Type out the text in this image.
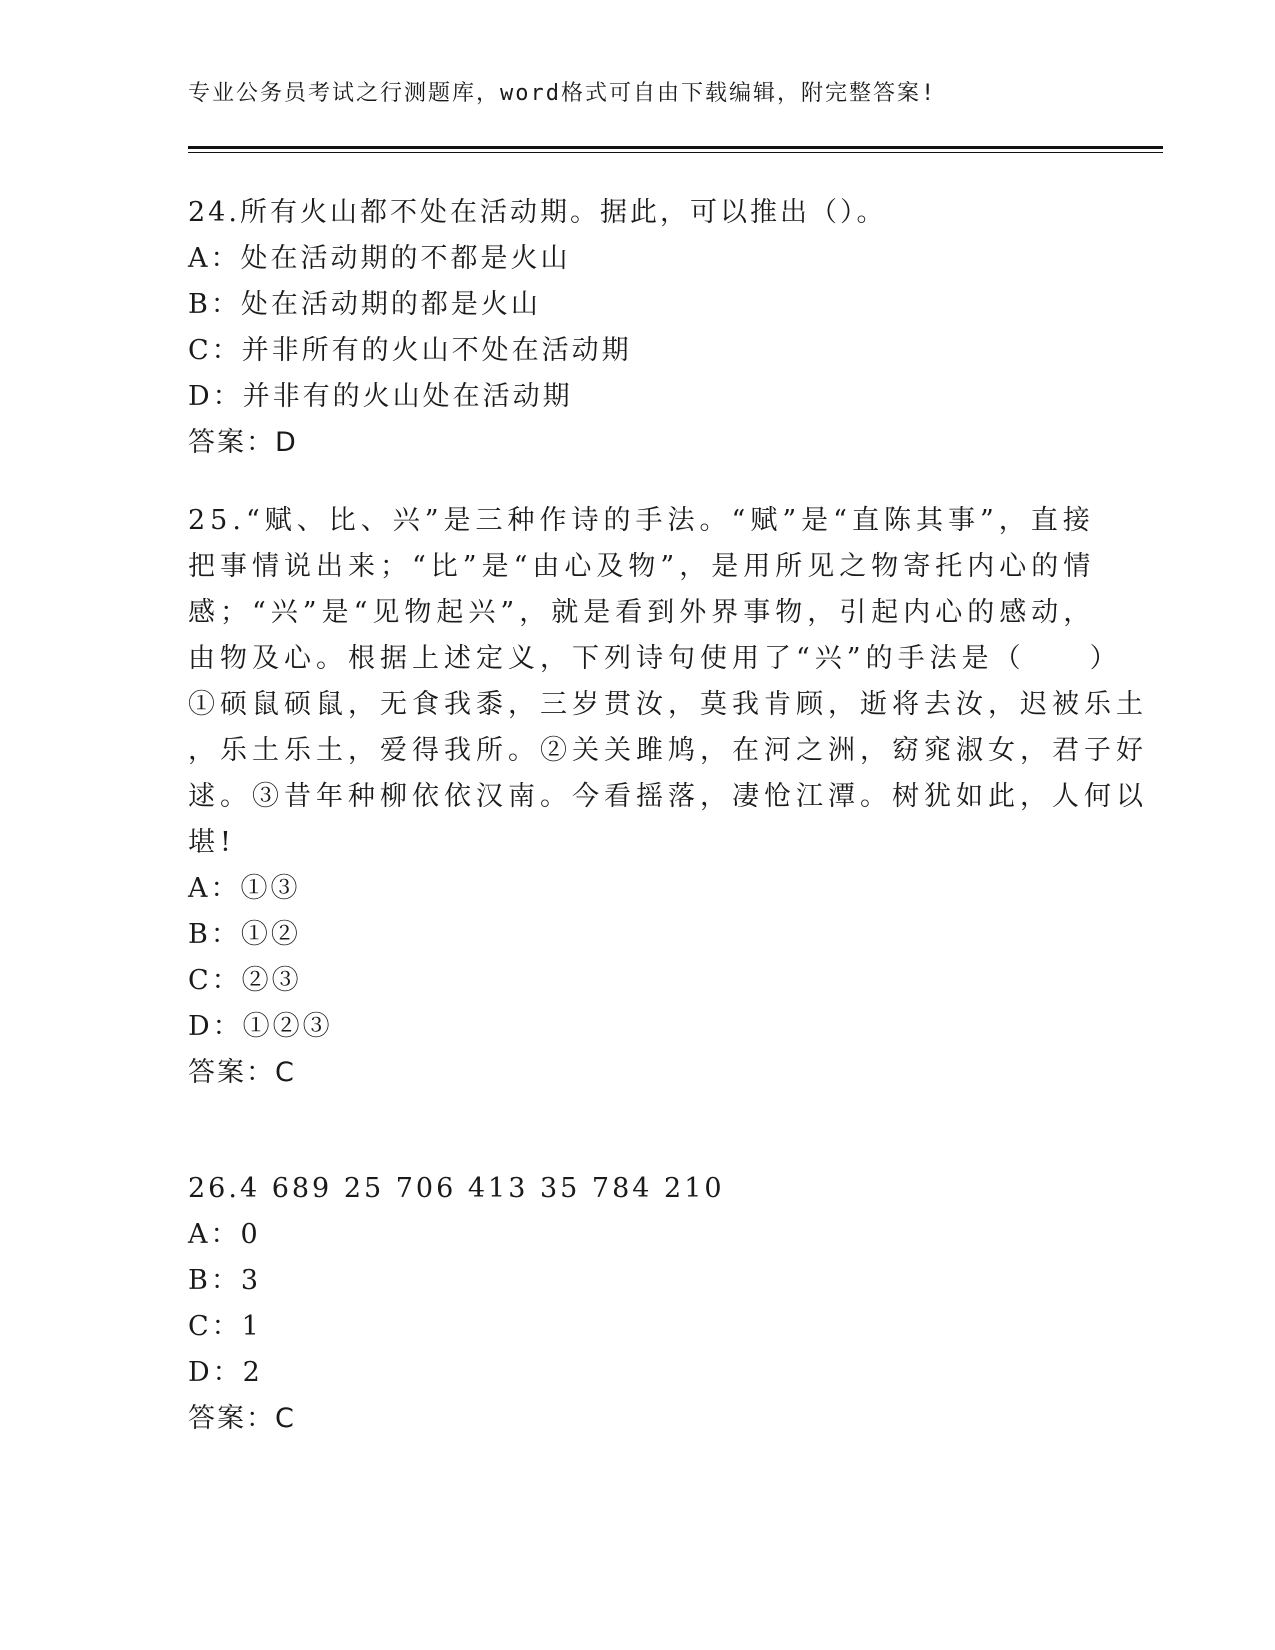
专业公务员考试之行测题库，word格式可自由下载编辑，附完整答案!
24.所有火山都不处在活动期。据此，可以推出（）。
A：处在活动期的不都是火山
B：处在活动期的都是火山
C：并非所有的火山不处在活动期
D：并非有的火山处在活动期
答案：D
25.“赋、比、兴”是三种作诗的手法。“赋”是“直陈其事”，直接
把事情说出来；“比”是“由心及物”，是用所见之物寄托内心的情
感；“兴”是“见物起兴”，就是看到外界事物，引起内心的感动，
由物及心。根据上述定义，下列诗句使用了“兴”的手法是（　　）
①硕鼠硕鼠，无食我黍，三岁贯汝，莫我肯顾，逝将去汝，迟被乐土
，乐土乐土，爱得我所。②关关雎鸠，在河之洲，窈窕淑女，君子好
逑。③昔年种柳依依汉南。今看摇落，凄怆江潭。树犹如此，人何以
堪!
A：①③
B：①②
C：②③
D：①②③
答案：C
26.4 689 25 706 413 35 784 210
A：0
B：3
C：1
D：2
答案：C
